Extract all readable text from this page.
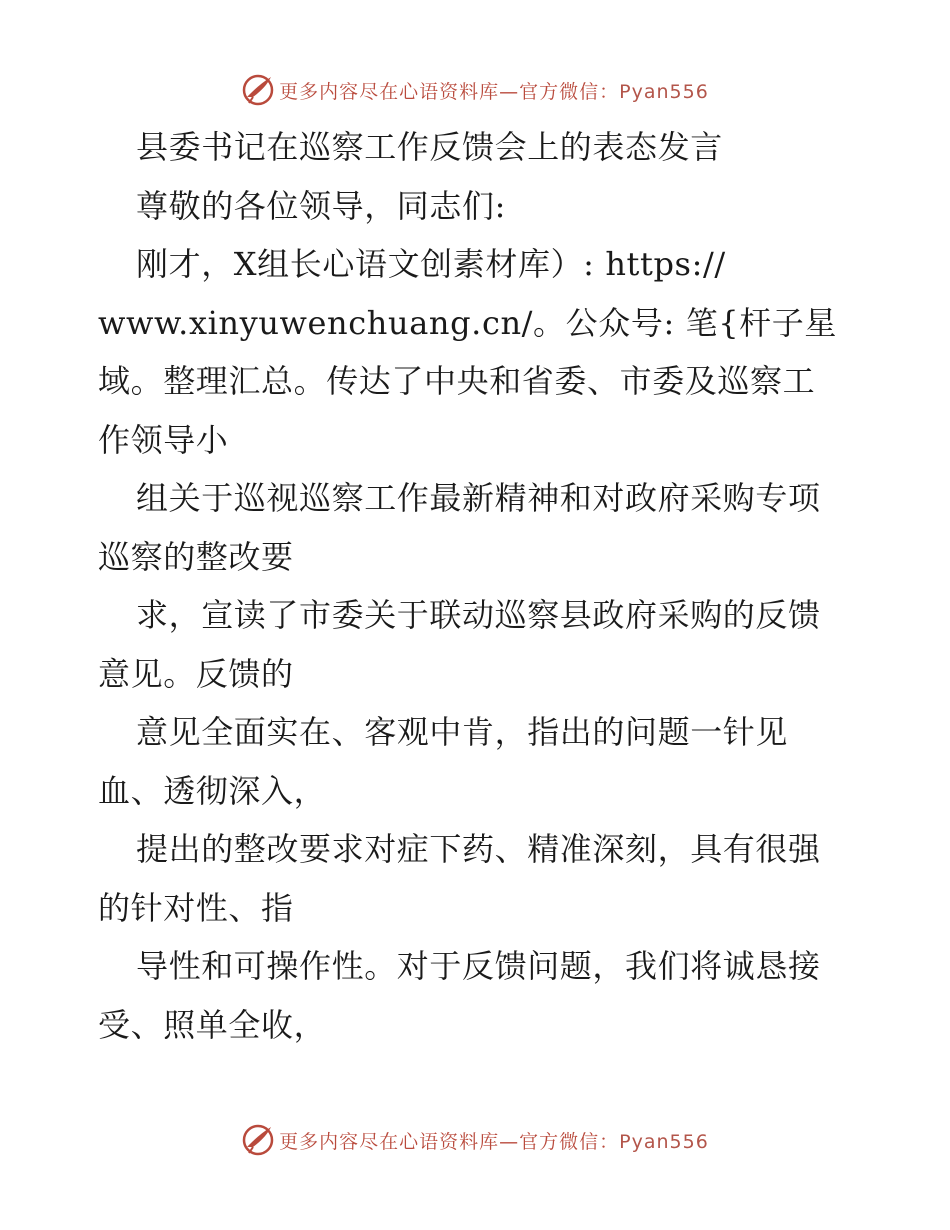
更多内容尽在心语资料库—官方微信：Pyan556
县委书记在巡察工作反馈会上的表态发言
尊敬的各位领导，同志们:
刚才，X组长心语文创素材库）: https://
www.xinyuwenchuang.cn/。公众号: 笔{杆子星
域。整理汇总。传达了中央和省委、市委及巡察工
作领导小
组关于巡视巡察工作最新精神和对政府采购专项
巡察的整改要
求，宣读了市委关于联动巡察县政府采购的反馈
意见。反馈的
意见全面实在、客观中肯，指出的问题一针见
血、透彻深入，
提出的整改要求对症下药、精准深刻，具有很强
的针对性、指
导性和可操作性。对于反馈问题，我们将诚恳接
受、照单全收，
更多内容尽在心语资料库—官方微信：Pyan556
